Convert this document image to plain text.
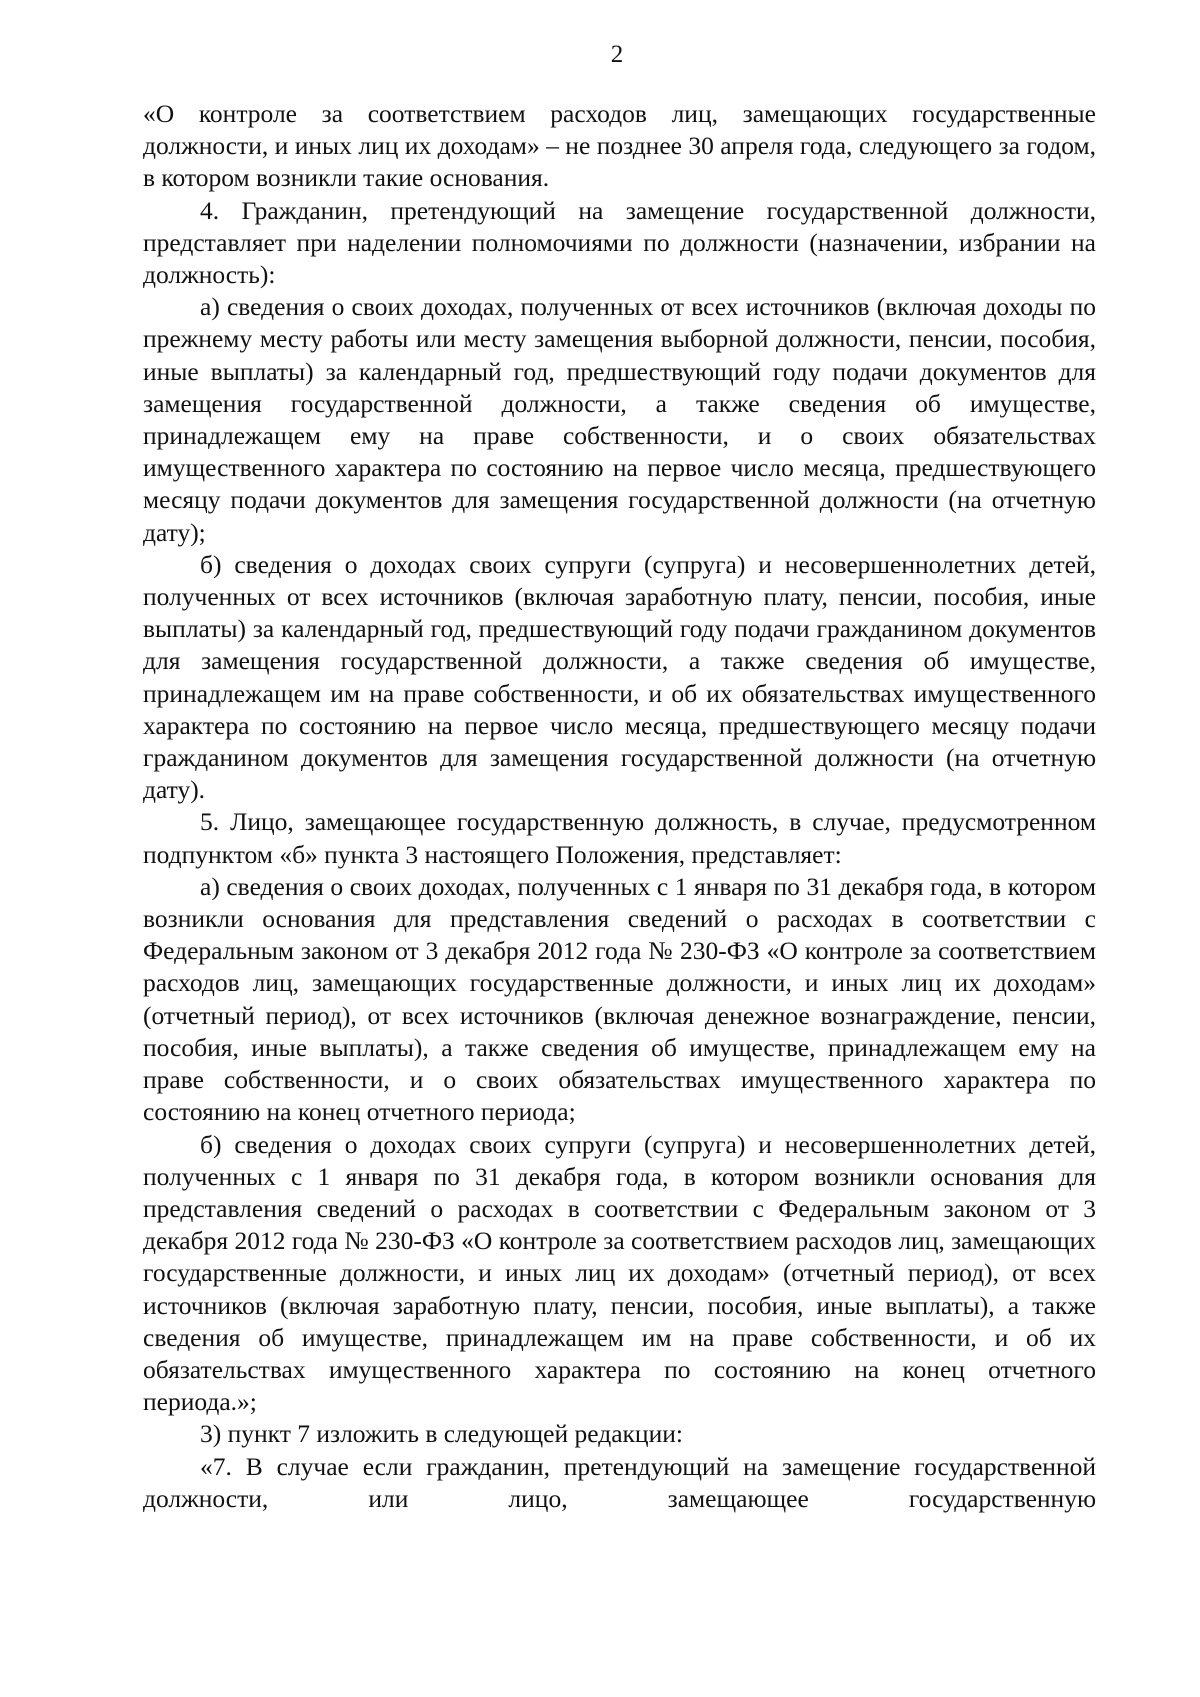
2

«О контроле за соответствием расходов лиц, замещающих государственные должности, и иных лиц их доходам» – не позднее 30 апреля года, следующего за годом, в котором возникли такие основания.

4. Гражданин, претендующий на замещение государственной должности, представляет при наделении полномочиями по должности (назначении, избрании на должность):

а) сведения о своих доходах, полученных от всех источников (включая доходы по прежнему месту работы или месту замещения выборной должности, пенсии, пособия, иные выплаты) за календарный год, предшествующий году подачи документов для замещения государственной должности, а также сведения об имуществе, принадлежащем ему на праве собственности, и о своих обязательствах имущественного характера по состоянию на первое число месяца, предшествующего месяцу подачи документов для замещения государственной должности (на отчетную дату);

б) сведения о доходах своих супруги (супруга) и несовершеннолетних детей, полученных от всех источников (включая заработную плату, пенсии, пособия, иные выплаты) за календарный год, предшествующий году подачи гражданином документов для замещения государственной должности, а также сведения об имуществе, принадлежащем им на праве собственности, и об их обязательствах имущественного характера по состоянию на первое число месяца, предшествующего месяцу подачи гражданином документов для замещения государственной должности (на отчетную дату).

5. Лицо, замещающее государственную должность, в случае, предусмотренном подпунктом «б» пункта 3 настоящего Положения, представляет:

а) сведения о своих доходах, полученных с 1 января по 31 декабря года, в котором возникли основания для представления сведений о расходах в соответствии с Федеральным законом от 3 декабря 2012 года № 230-ФЗ «О контроле за соответствием расходов лиц, замещающих государственные должности, и иных лиц их доходам» (отчетный период), от всех источников (включая денежное вознаграждение, пенсии, пособия, иные выплаты), а также сведения об имуществе, принадлежащем ему на праве собственности, и о своих обязательствах имущественного характера по состоянию на конец отчетного периода;

б) сведения о доходах своих супруги (супруга) и несовершеннолетних детей, полученных с 1 января по 31 декабря года, в котором возникли основания для представления сведений о расходах в соответствии с Федеральным законом от 3 декабря 2012 года № 230-ФЗ «О контроле за соответствием расходов лиц, замещающих государственные должности, и иных лиц их доходам» (отчетный период), от всех источников (включая заработную плату, пенсии, пособия, иные выплаты), а также сведения об имуществе, принадлежащем им на праве собственности, и об их обязательствах имущественного характера по состоянию на конец отчетного периода.»;

3) пункт 7 изложить в следующей редакции:

«7. В случае если гражданин, претендующий на замещение государственной должности, или лицо, замещающее государственную
